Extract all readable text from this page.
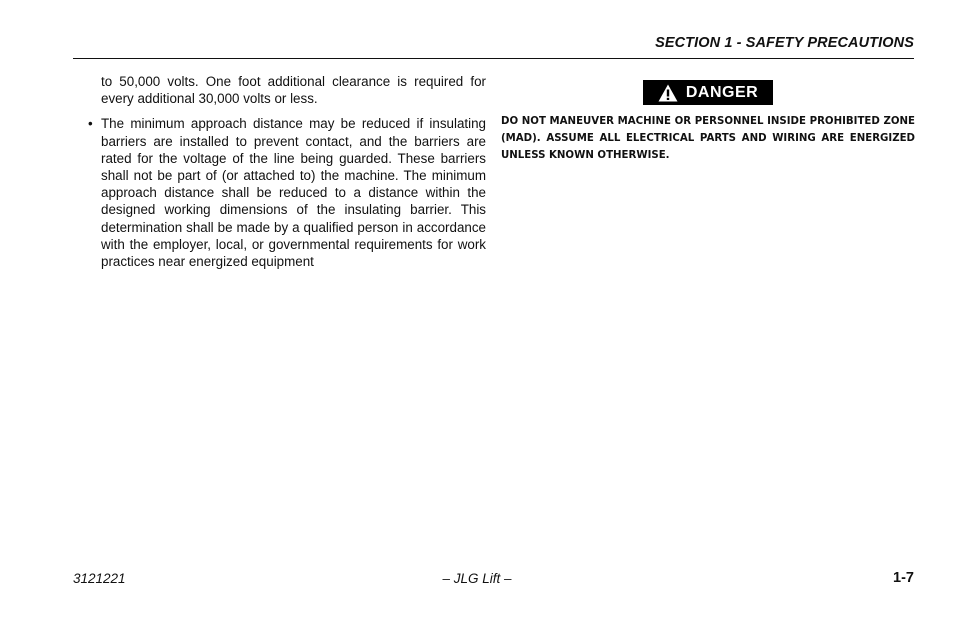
SECTION 1 - SAFETY PRECAUTIONS

to 50,000 volts. One foot additional clearance is required for every additional 30,000 volts or less.

• The minimum approach distance may be reduced if insulating barriers are installed to prevent contact, and the barriers are rated for the voltage of the line being guarded. These barriers shall not be part of (or attached to) the machine. The minimum approach distance shall be reduced to a distance within the designed working dimensions of the insulating barrier. This determination shall be made by a qualified person in accordance with the employer, local, or governmental requirements for work practices near energized equipment

DANGER
DO NOT MANEUVER MACHINE OR PERSONNEL INSIDE PROHIBITED ZONE (MAD). ASSUME ALL ELECTRICAL PARTS AND WIRING ARE ENERGIZED UNLESS KNOWN OTHERWISE.
3121221	– JLG Lift –	1-7
